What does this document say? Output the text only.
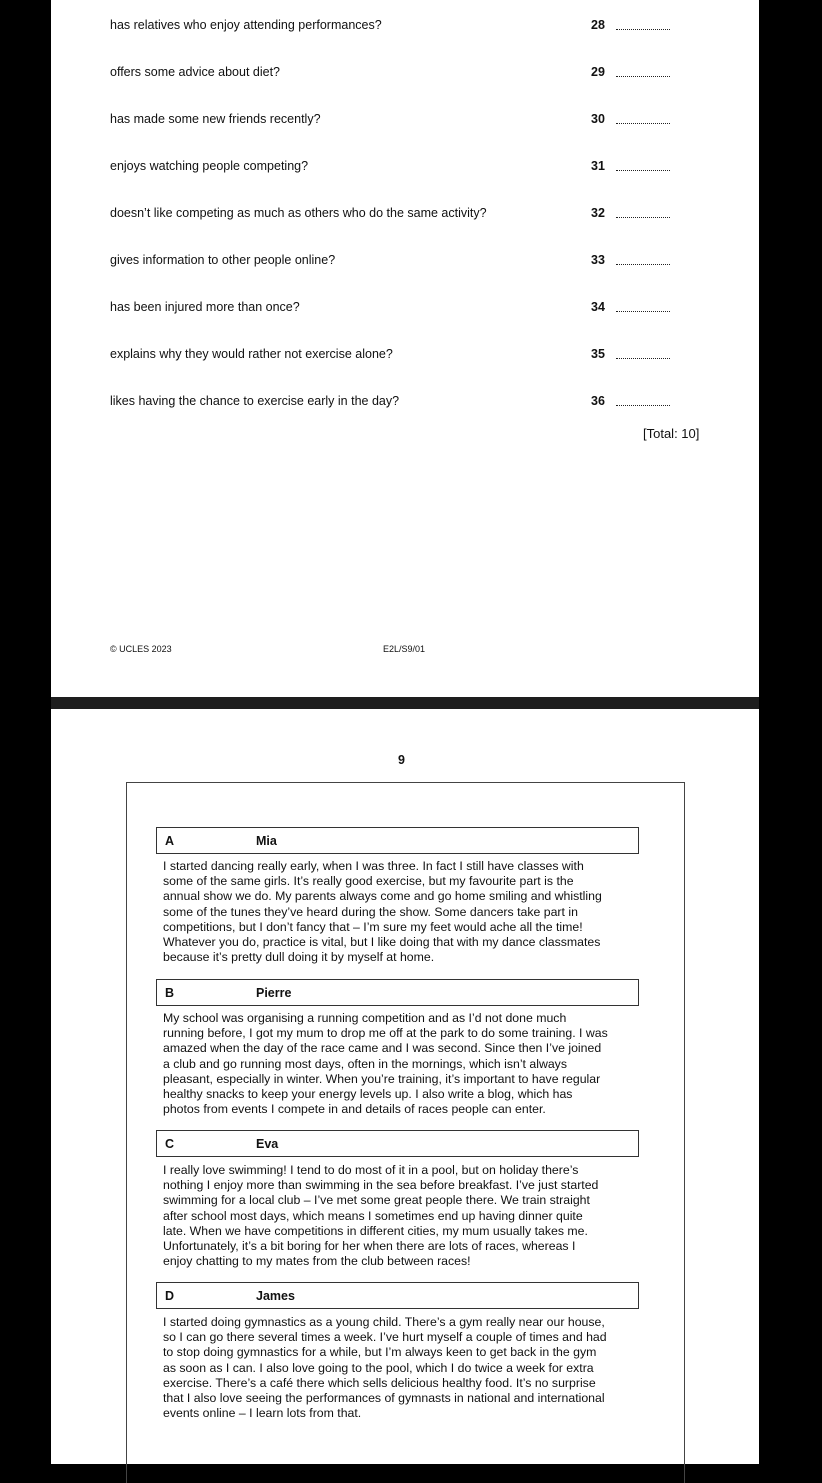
has relatives who enjoy attending performances?	28
offers some advice about diet?	29
has made some new friends recently?	30
enjoys watching people competing?	31
doesn’t like competing as much as others who do the same activity?	32
gives information to other people online?	33
has been injured more than once?	34
explains why they would rather not exercise alone?	35
likes having the chance to exercise early in the day?	36
[Total: 10]
© UCLES 2023	E2L/S9/01
9
A	Mia

I started dancing really early, when I was three. In fact I still have classes with

some of the same girls. It’s really good exercise, but my favourite part is the

annual show we do. My parents always come and go home smiling and whistling

some of the tunes they’ve heard during the show. Some dancers take part in

competitions, but I don’t fancy that – I’m sure my feet would ache all the time!

Whatever you do, practice is vital, but I like doing that with my dance classmates

because it’s pretty dull doing it by myself at home.

B	Pierre

My school was organising a running competition and as I’d not done much

running before, I got my mum to drop me off at the park to do some training. I was

amazed when the day of the race came and I was second. Since then I’ve joined

a club and go running most days, often in the mornings, which isn’t always

pleasant, especially in winter. When you’re training, it’s important to have regular

healthy snacks to keep your energy levels up. I also write a blog, which has

photos from events I compete in and details of races people can enter.

C	Eva

I really love swimming! I tend to do most of it in a pool, but on holiday there’s

nothing I enjoy more than swimming in the sea before breakfast. I’ve just started

swimming for a local club – I’ve met some great people there. We train straight

after school most days, which means I sometimes end up having dinner quite

late. When we have competitions in different cities, my mum usually takes me.

Unfortunately, it’s a bit boring for her when there are lots of races, whereas I

enjoy chatting to my mates from the club between races!

D	James

I started doing gymnastics as a young child. There’s a gym really near our house,

so I can go there several times a week. I’ve hurt myself a couple of times and had

to stop doing gymnastics for a while, but I’m always keen to get back in the gym

as soon as I can. I also love going to the pool, which I do twice a week for extra

exercise. There’s a café there which sells delicious healthy food. It’s no surprise

that I also love seeing the performances of gymnasts in national and international

events online – I learn lots from that.
